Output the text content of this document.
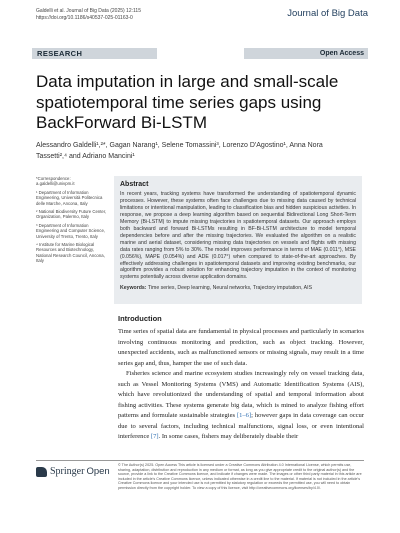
Galdelli et al. Journal of Big Data (2025) 12:115
https://doi.org/10.1186/s40537-025-01163-0	Journal of Big Data
RESEARCH	Open Access
Data imputation in large and small-scale spatiotemporal time series gaps using BackForward Bi-LSTM
Alessandro Galdelli¹,²*, Gagan Narang¹, Selene Tomassini³, Lorenzo D'Agostino¹, Anna Nora Tassetti²,⁴ and Adriano Mancini¹

*Correspondence:
a.galdelli@univpm.it

¹ Department of Information Engineering, Università Politecnica delle Marche, Ancona, Italy

² National Biodiversity Future Center, Organization, Palermo, Italy

³ Department of Information Engineering and Computer Science, University of Trento, Trento, Italy

⁴ Institute for Marine Biological Resources and Biotechnology, National Research Council, Ancona, Italy

Abstract
In recent years, tracking systems have transformed the understanding of spatiotemporal dynamic processes. However, these systems often face challenges due to missing data caused by technical limitations or intentional manipulation, leading to classification bias and hidden suspicious activities. In response, we propose a deep learning algorithm based on sequential Bidirectional Long Short-Term Memory (Bi-LSTM) to impute missing trajectories in spatiotemporal datasets. Our approach employs both backward and forward Bi-LSTMs resulting in BF-Bi-LSTM architecture to model temporal dependencies before and after the missing trajectories. We evaluated the algorithm on a realistic marine and aerial dataset, considering missing data trajectories on vessels and flights with missing data rates ranging from 5% to 30%. The model improves performance in terms of MAE (0.011°), MSE (0.056%), MAPE (0.054%) and ADE (0.017°) when compared to state-of-the-art approaches. By effectively addressing challenges in spatiotemporal datasets and improving existing benchmarks, our algorithm provides a robust solution for enhancing trajectory imputation in the context of monitoring systems potentially across diverse application domains.
Keywords: Time series, Deep learning, Neural networks, Trajectory imputation, AIS
Introduction

Time series of spatial data are fundamental in physical processes and particularly in scenarios involving continuous monitoring and prediction, such as object tracking. However, unexpected accidents, such as malfunctioned sensors or missing signals, may result in a time series gap and, thus, hamper the use of such data.

Fisheries science and marine ecosystem studies increasingly rely on vessel tracking data, such as Vessel Monitoring Systems (VMS) and Automatic Identification Systems (AIS), which have revolutionized the understanding of spatial and temporal information about fishing activities. These systems generate big data, which is mined to analyze fishing effort patterns and formulate sustainable strategies [1–6]; however gaps in data coverage can occur due to several factors, including technical malfunctions, signal loss, or even intentional interference [7]. In some cases, fishers may deliberately disable their

Springer Open
© The Author(s) 2025. Open Access This article is licensed under a Creative Commons Attribution 4.0 International License, which permits use, sharing, adaptation, distribution and reproduction in any medium or format, as long as you give appropriate credit to the original author(s) and the source, provide a link to the Creative Commons licence, and indicate if changes were made. The images or other third party material in this article are included in the article's Creative Commons licence, unless indicated otherwise in a credit line to the material. If material is not included in the article's Creative Commons licence and your intended use is not permitted by statutory regulation or exceeds the permitted use, you will need to obtain permission directly from the copyright holder. To view a copy of this licence, visit http://creativecommons.org/licenses/by/4.0/.
